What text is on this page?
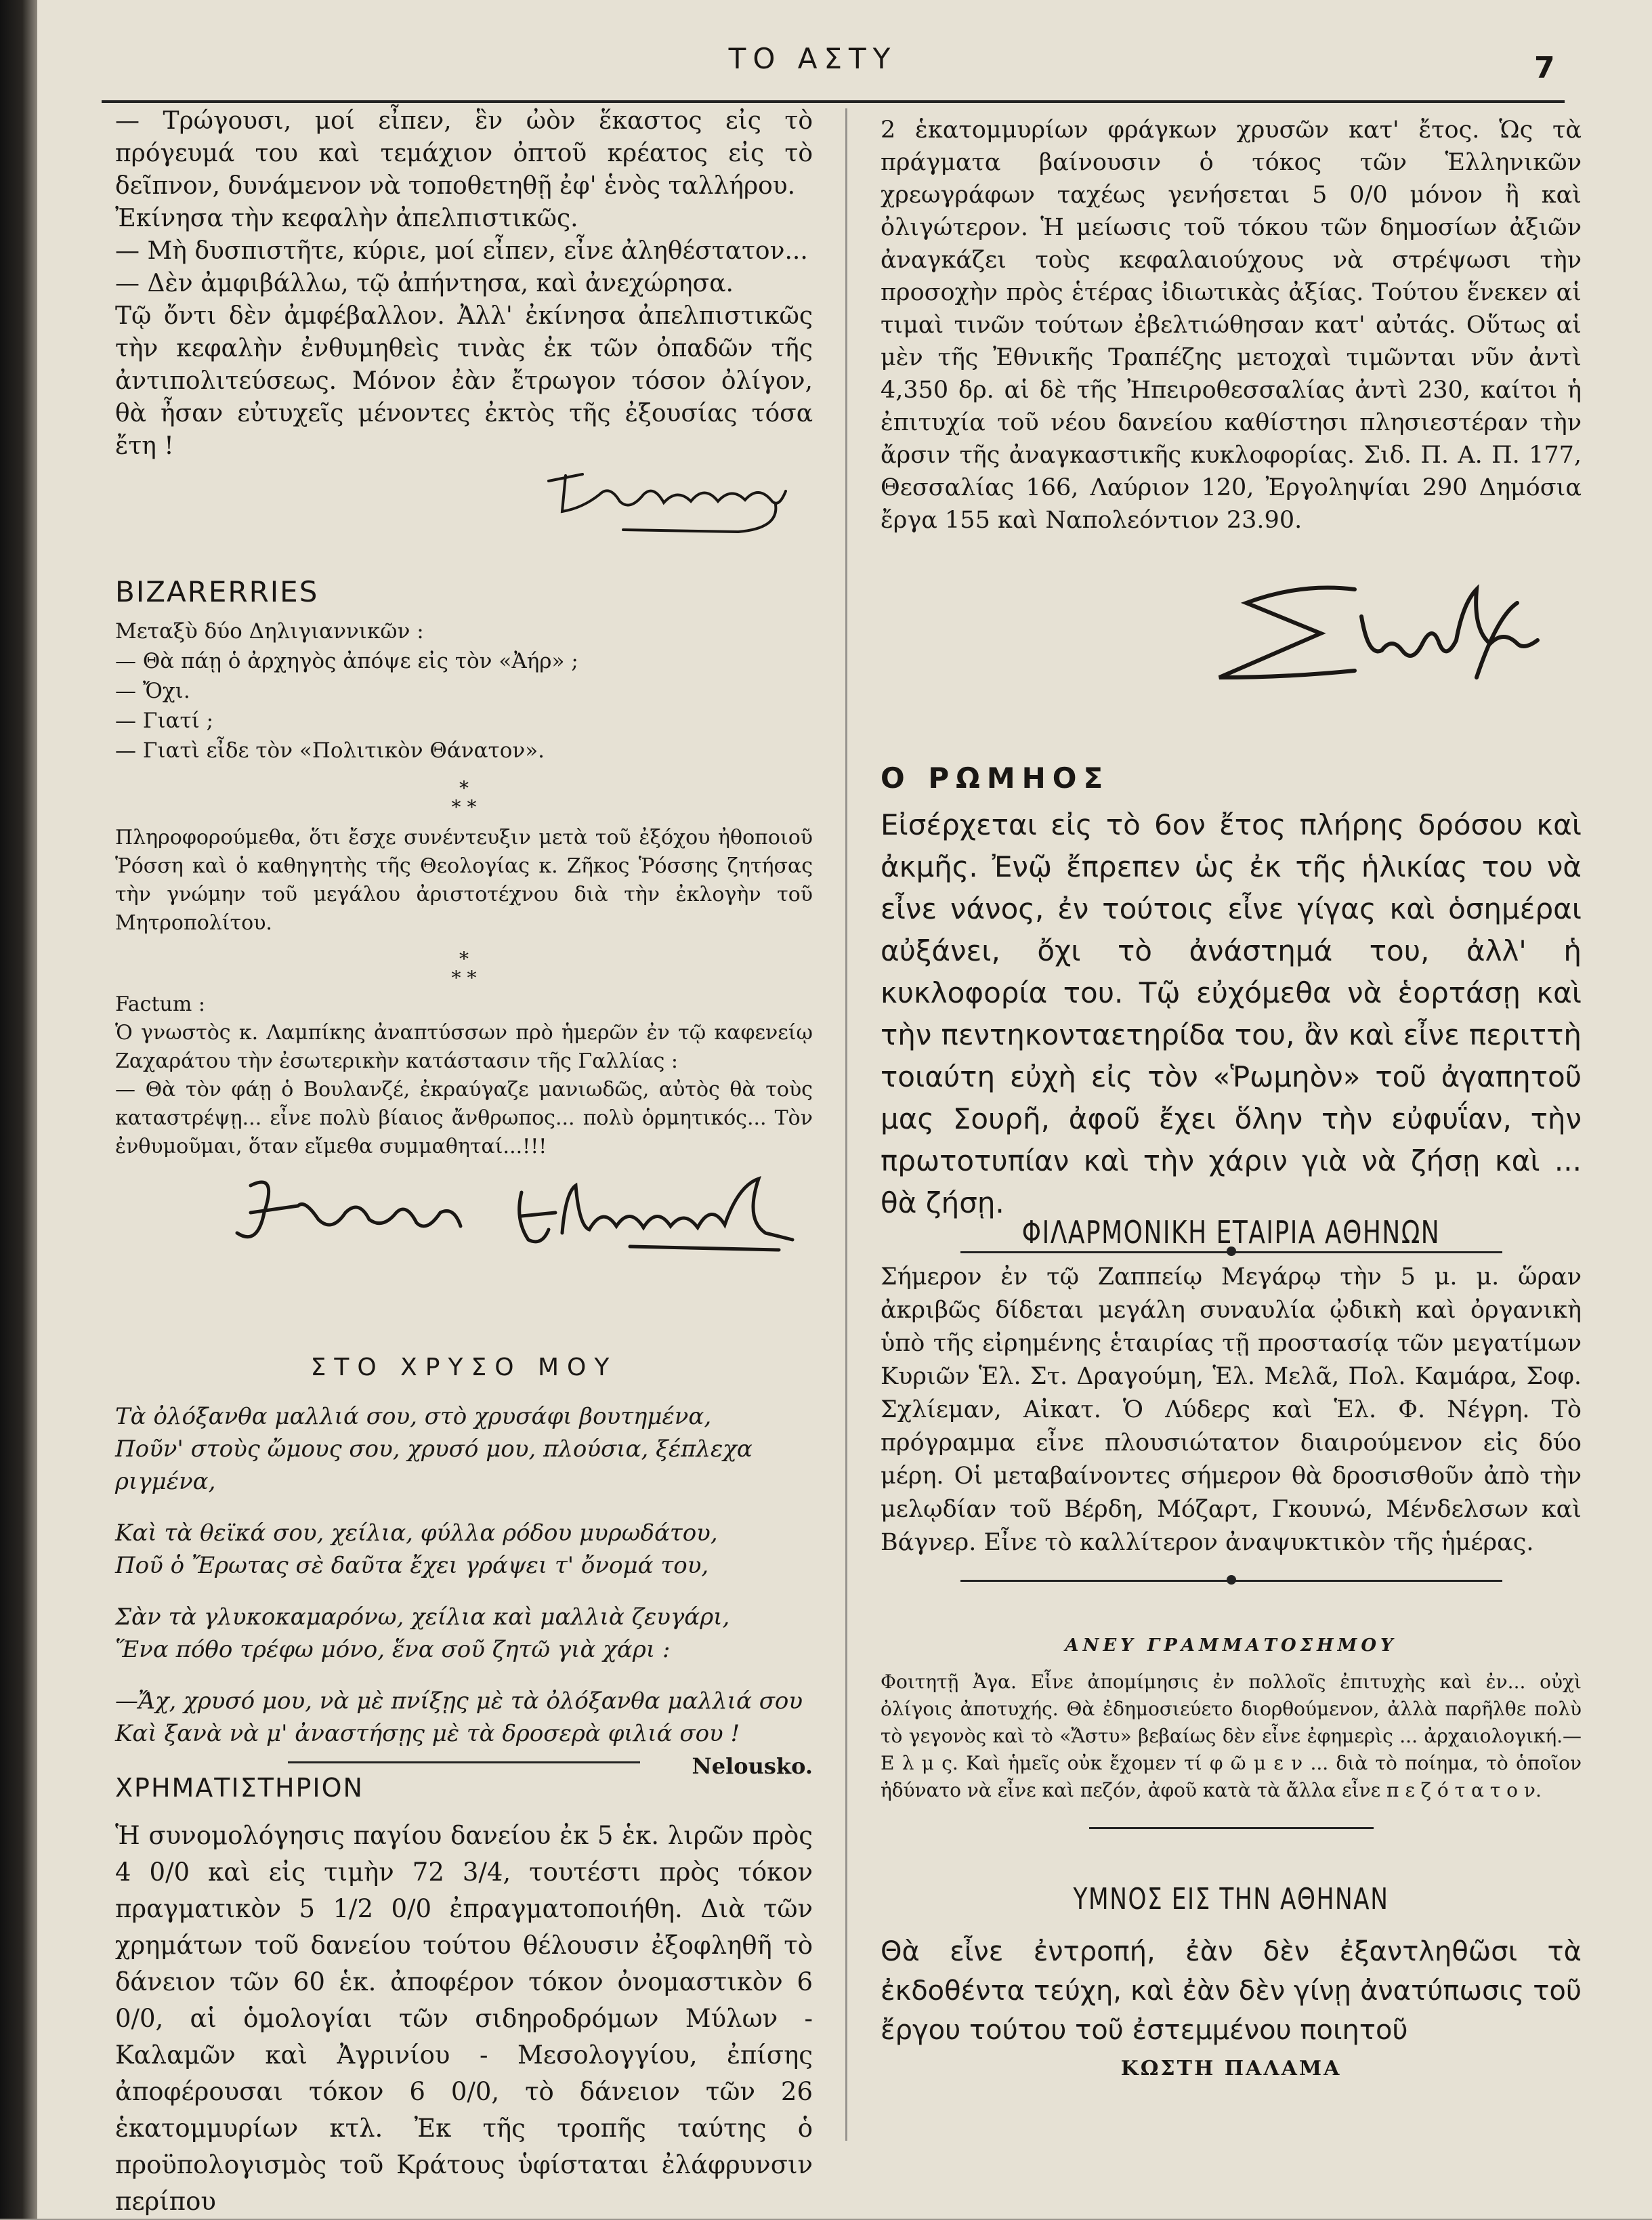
ΤΟ ΑΣΤΥ	7

— Τρώγουσι, μοί εἶπεν, ἓν ὠὸν ἕκαστος εἰς τὸ πρόγευμά του καὶ τεμάχιον ὀπτοῦ κρέατος εἰς τὸ δεῖπνον, δυνάμενον νὰ τοποθετηθῇ ἐφ' ἑνὸς ταλλήρου.

Ἐκίνησα τὴν κεφαλὴν ἀπελπιστικῶς.

— Μὴ δυσπιστῆτε, κύριε, μοί εἶπεν, εἶνε ἀληθέστατον...

— Δὲν ἀμφιβάλλω, τῷ ἀπήντησα, καὶ ἀνεχώρησα.

Τῷ ὄντι δὲν ἀμφέβαλλον. Ἀλλ' ἐκίνησα ἀπελπιστικῶς τὴν κεφαλὴν ἐνθυμηθεὶς τινὰς ἐκ τῶν ὀπαδῶν τῆς ἀντιπολιτεύσεως. Μόνον ἐὰν ἔτρωγον τόσον ὀλίγον, θὰ ἦσαν εὐτυχεῖς μένοντες ἐκτὸς τῆς ἐξουσίας τόσα ἔτη !

BIZARERRIES

Μεταξὺ δύο Δηλιγιαννικῶν :
— Θὰ πάῃ ὁ ἀρχηγὸς ἀπόψε εἰς τὸν «Ἀήρ» ;
— Ὄχι.
— Γιατί ;
— Γιατὶ εἶδε τὸν «Πολιτικὸν Θάνατον».
*
* *

Πληροφορούμεθα, ὅτι ἔσχε συνέντευξιν μετὰ τοῦ ἐξόχου ἠθοποιοῦ Ῥόσση καὶ ὁ καθηγητὴς τῆς Θεολογίας κ. Ζῆκος Ῥόσσης ζητήσας τὴν γνώμην τοῦ μεγάλου ἀριστοτέχνου διὰ τὴν ἐκλογὴν τοῦ Μητροπολίτου.

*
* *
Factum :

Ὁ γνωστὸς κ. Λαμπίκης ἀναπτύσσων πρὸ ἡμερῶν ἐν τῷ καφενείῳ Ζαχαράτου τὴν ἐσωτερικὴν κατάστασιν τῆς Γαλλίας :

— Θὰ τὸν φάῃ ὁ Βουλανζέ, ἐκραύγαζε μανιωδῶς, αὐτὸς θὰ τοὺς καταστρέψῃ... εἶνε πολὺ βίαιος ἄνθρωπος... πολὺ ὁρμητικός... Τὸν ἐνθυμοῦμαι, ὅταν εἴμεθα συμμαθηταί...!!!

ΣΤΟ ΧΡΥΣΟ ΜΟΥ

Τὰ ὀλόξανθα μαλλιά σου, στὸ χρυσάφι βουτημένα,

Ποῦν' στοὺς ὤμους σου, χρυσό μου, πλούσια, ξέπλεχα ριγμένα,

Καὶ τὰ θεϊκά σου, χείλια, φύλλα ρόδου μυρωδάτου,

Ποῦ ὁ Ἔρωτας σὲ δαῦτα ἔχει γράψει τ' ὄνομά του,

Σὰν τὰ γλυκοκαμαρόνω, χείλια καὶ μαλλιὰ ζευγάρι,

Ἕνα πόθο τρέφω μόνο, ἕνα σοῦ ζητῶ γιὰ χάρι :

—Ἄχ, χρυσό μου, νὰ μὲ πνίξῃς μὲ τὰ ὀλόξανθα μαλλιά σου

Καὶ ξανὰ νὰ μ' ἀναστήσῃς μὲ τὰ δροσερὰ φιλιά σου !

Nelousko.

ΧΡΗΜΑΤΙΣΤΗΡΙΟΝ

Ἡ συνομολόγησις παγίου δανείου ἐκ 5 ἑκ. λιρῶν πρὸς 4 0/0 καὶ εἰς τιμὴν 72 3/4, τουτέστι πρὸς τόκον πραγματικὸν 5 1/2 0/0 ἐπραγματοποιήθη. Διὰ τῶν χρημάτων τοῦ δανείου τούτου θέλουσιν ἐξοφληθῆ τὸ δάνειον τῶν 60 ἑκ. ἀποφέρον τόκον ὀνομαστικὸν 6 0/0, αἱ ὁμολογίαι τῶν σιδηροδρόμων Μύλων - Καλαμῶν καὶ Ἀγρινίου - Μεσολογγίου, ἐπίσης ἀποφέρουσαι τόκον 6 0/0, τὸ δάνειον τῶν 26 ἑκατομμυρίων κτλ. Ἐκ τῆς τροπῆς ταύτης ὁ προϋπολογισμὸς τοῦ Κράτους ὑφίσταται ἐλάφρυνσιν περίπου

2 ἑκατομμυρίων φράγκων χρυσῶν κατ' ἔτος. Ὡς τὰ πράγματα βαίνουσιν ὁ τόκος τῶν Ἑλληνικῶν χρεωγράφων ταχέως γενήσεται 5 0/0 μόνον ἢ καὶ ὀλιγώτερον. Ἡ μείωσις τοῦ τόκου τῶν δημοσίων ἀξιῶν ἀναγκάζει τοὺς κεφαλαιούχους νὰ στρέψωσι τὴν προσοχὴν πρὸς ἑτέρας ἰδιωτικὰς ἀξίας. Τούτου ἕνεκεν αἱ τιμαὶ τινῶν τούτων ἐβελτιώθησαν κατ' αὐτάς. Οὕτως αἱ μὲν τῆς Ἐθνικῆς Τραπέζης μετοχαὶ τιμῶνται νῦν ἀντὶ 4,350 δρ. αἱ δὲ τῆς Ἠπειροθεσσαλίας ἀντὶ 230, καίτοι ἡ ἐπιτυχία τοῦ νέου δανείου καθίστησι πλησιεστέραν τὴν ἄρσιν τῆς ἀναγκαστικῆς κυκλοφορίας. Σιδ. Π. Α. Π. 177, Θεσσαλίας 166, Λαύριον 120, Ἐργοληψίαι 290 Δημόσια ἔργα 155 καὶ Ναπολεόντιον 23.90.

Ο ΡΩΜΗΟΣ

Εἰσέρχεται εἰς τὸ 6ον ἔτος πλήρης δρόσου καὶ ἀκμῆς. Ἐνῷ ἔπρεπεν ὡς ἐκ τῆς ἡλικίας του νὰ εἶνε νάνος, ἐν τούτοις εἶνε γίγας καὶ ὁσημέραι αὐξάνει, ὄχι τὸ ἀνάστημά του, ἀλλ' ἡ κυκλοφορία του. Τῷ εὐχόμεθα νὰ ἑορτάσῃ καὶ τὴν πεντηκονταετηρίδα του, ἂν καὶ εἶνε περιττὴ τοιαύτη εὐχὴ εἰς τὸν «Ῥωμηὸν» τοῦ ἀγαπητοῦ μας Σουρῆ, ἀφοῦ ἔχει ὅλην τὴν εὐφυΐαν, τὴν πρωτοτυπίαν καὶ τὴν χάριν γιὰ νὰ ζήσῃ καὶ ... θὰ ζήσῃ.

ΦΙΛΑΡΜΟΝΙΚΗ ΕΤΑΙΡΙΑ ΑΘΗΝΩΝ

Σήμερον ἐν τῷ Ζαππείῳ Μεγάρῳ τὴν 5 μ. μ. ὥραν ἀκριβῶς δίδεται μεγάλη συναυλία ᾠδικὴ καὶ ὀργανικὴ ὑπὸ τῆς εἰρημένης ἑταιρίας τῇ προστασίᾳ τῶν μεγατίμων Κυριῶν Ἑλ. Στ. Δραγούμη, Ἑλ. Μελᾶ, Πολ. Καμάρα, Σοφ. Σχλίεμαν, Αἰκατ. Ὁ Λύδερς καὶ Ἑλ. Φ. Νέγρη. Τὸ πρόγραμμα εἶνε πλουσιώτατον διαιρούμενον εἰς δύο μέρη. Οἱ μεταβαίνοντες σήμερον θὰ δροσισθοῦν ἀπὸ τὴν μελῳδίαν τοῦ Βέρδη, Μόζαρτ, Γκουνώ, Μένδελσων καὶ Βάγνερ. Εἶνε τὸ καλλίτερον ἀναψυκτικὸν τῆς ἡμέρας.

ΑΝΕΥ ΓΡΑΜΜΑΤΟΣΗΜΟΥ

Φοιτητῇ Ἀγα. Εἶνε ἀπομίμησις ἐν πολλοῖς ἐπιτυχὴς καὶ ἐν... οὐχὶ ὀλίγοις ἀποτυχής. Θὰ ἐδημοσιεύετο διορθούμενον, ἀλλὰ παρῆλθε πολὺ τὸ γεγονὸς καὶ τὸ «Ἄστυ» βεβαίως δὲν εἶνε ἐφημερὶς ... ἀρχαιολογική.—Ε λ μ ς. Καὶ ἡμεῖς οὐκ ἔχομεν τί φ ῶ μ ε ν ... διὰ τὸ ποίημα, τὸ ὁποῖον ἠδύνατο νὰ εἶνε καὶ πεζόν, ἀφοῦ κατὰ τὰ ἄλλα εἶνε π ε ζ ό τ α τ ο ν.

ΥΜΝΟΣ ΕΙΣ ΤΗΝ ΑΘΗΝΑΝ

Θὰ εἶνε ἐντροπή, ἐὰν δὲν ἐξαντληθῶσι τὰ ἐκδοθέντα τεύχη, καὶ ἐὰν δὲν γίνῃ ἀνατύπωσις τοῦ ἔργου τούτου τοῦ ἐστεμμένου ποιητοῦ

ΚΩΣΤΗ ΠΑΛΑΜΑ
